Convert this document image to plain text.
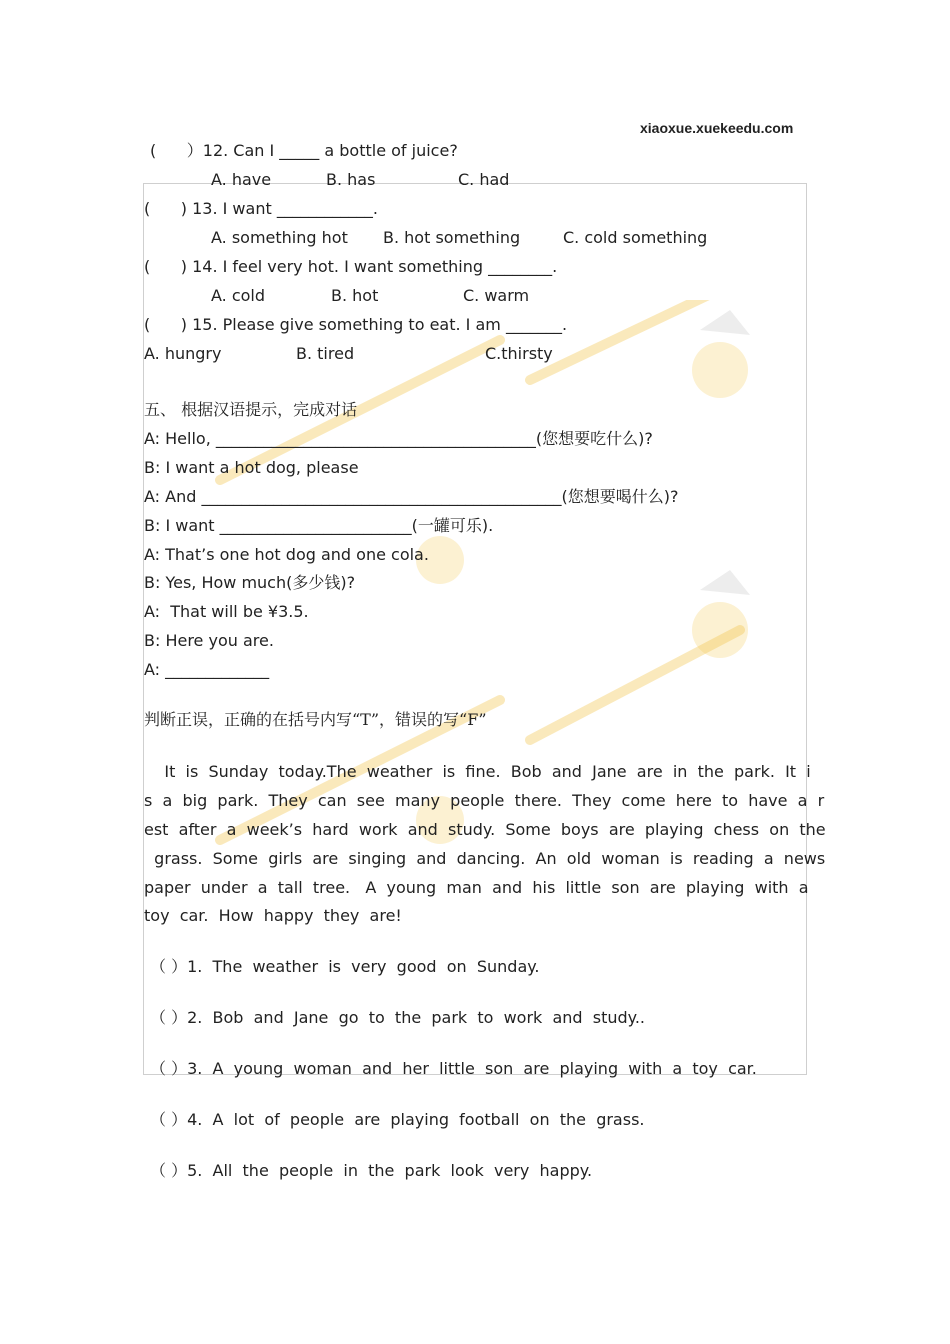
xiaoxue.xuekeedu.com
(      ）12. Can I _____ a bottle of juice?
A. have	B. has	C. had
(      ) 13. I want ____________.
A. something hot B. hot something	C. cold something
(      ) 14. I feel very hot. I want something ________.
A. cold	B. hot	C. warm
(      ) 15. Please give something to eat. I am _______.
A. hungry	B. tired	C.thirsty
五、 根据汉语提示，完成对话
A: Hello, ________________________________________(您想要吃什么)?
B: I want a hot dog, please
A: And _____________________________________________(您想要喝什么)?
B: I want ________________________(一罐可乐).
A: That’s one hot dog and one cola.
B: Yes, How much(多少钱)?
A:  That will be ¥3.5.
B: Here you are.
A: _____________
判断正误，正确的在括号内写“T”，错误的写“F”
It  is  Sunday  today.The  weather  is  fine.  Bob  and  Jane  are  in  the  park.  It  i
s  a  big  park.  They  can  see  many  people  there.  They  come  here  to  have  a  r
est  after  a  week’s  hard  work  and  study.  Some  boys  are  playing  chess  on  the
grass.  Some  girls  are  singing  and  dancing.  An  old  woman  is  reading  a  news
paper  under  a  tall  tree.   A  young  man  and  his  little  son  are  playing  with  a
toy  car.  How  happy  they  are!
（ ）1.  The  weather  is  very  good  on  Sunday.
（ ）2.  Bob  and  Jane  go  to  the  park  to  work  and  study..
（ ）3.  A  young  woman  and  her  little  son  are  playing  with  a  toy  car.
（ ）4.  A  lot  of  people  are  playing  football  on  the  grass.
（ ）5.  All  the  people  in  the  park  look  very  happy.
